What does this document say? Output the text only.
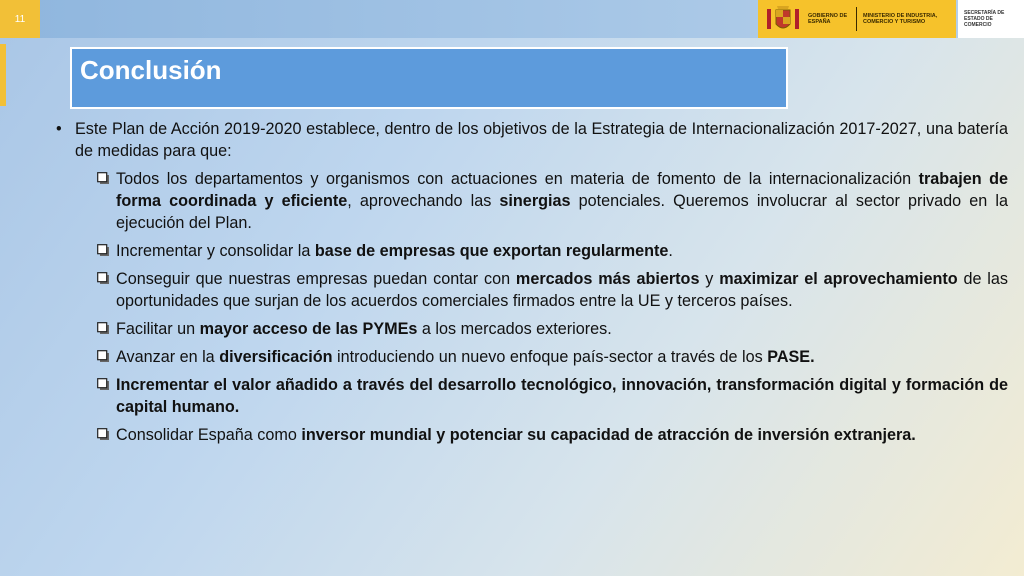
11	GOBIERNO DE ESPAÑA
MINISTERIO DE INDUSTRIA, COMERCIO Y TURISMO
SECRETARÍA DE ESTADO DE COMERCIO
Conclusión
• Este Plan de Acción 2019-2020 establece, dentro de los objetivos de la Estrategia de Internacionalización 2017-2027, una batería de medidas para que:
Todos los departamentos y organismos con actuaciones en materia de fomento de la internacionalización trabajen de forma coordinada y eficiente, aprovechando las sinergias potenciales. Queremos involucrar al sector privado en la ejecución del Plan.
Incrementar y consolidar la base de empresas que exportan regularmente.
Conseguir que nuestras empresas puedan contar con mercados más abiertos y maximizar el aprovechamiento de las oportunidades que surjan de los acuerdos comerciales firmados entre la UE y terceros países.
Facilitar un mayor acceso de las PYMEs a los mercados exteriores.
Avanzar en la diversificación introduciendo un nuevo enfoque país-sector a través de los PASE.
Incrementar el valor añadido a través del desarrollo tecnológico, innovación, transformación digital y formación de capital humano.
Consolidar España como inversor mundial y potenciar su capacidad de atracción de inversión extranjera.
